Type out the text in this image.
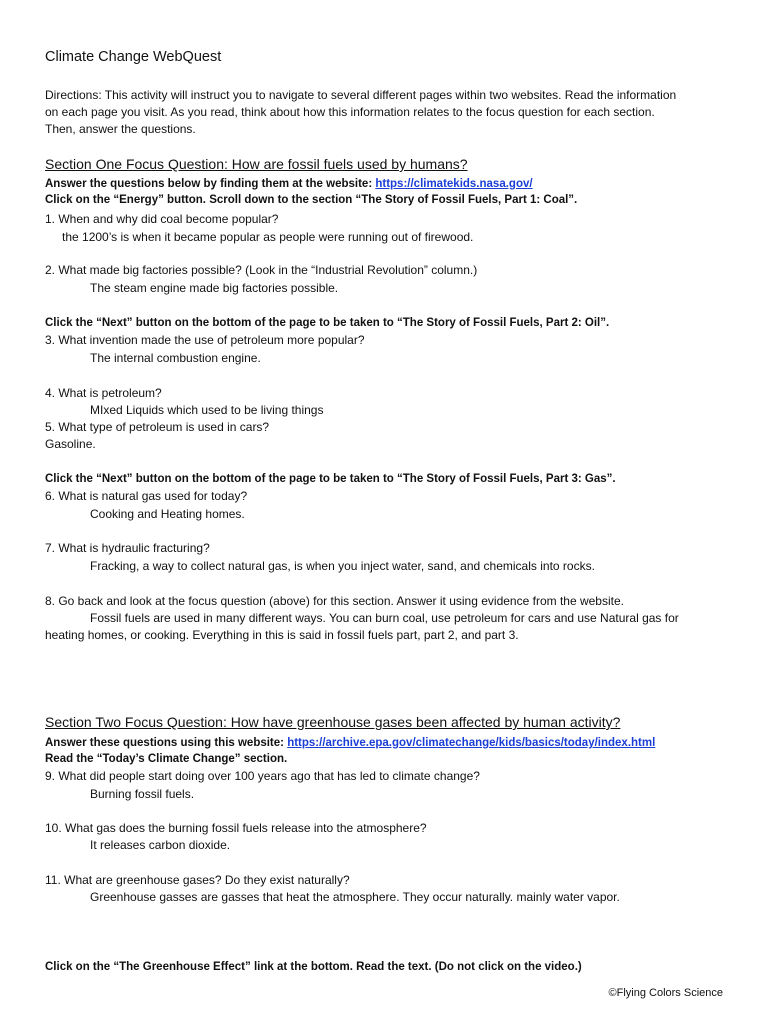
Climate Change WebQuest
Directions: This activity will instruct you to navigate to several different pages within two websites. Read the information
on each page you visit. As you read, think about how this information relates to the focus question for each section.
Then, answer the questions.
Section One Focus Question: How are fossil fuels used by humans?
Answer the questions below by finding them at the website: https://climatekids.nasa.gov/
Click on the “Energy” button. Scroll down to the section “The Story of Fossil Fuels, Part 1: Coal”.
1. When and why did coal become popular?
the 1200’s is when it became popular as people were running out of firewood.
2. What made big factories possible? (Look in the “Industrial Revolution” column.)
The steam engine made big factories possible.
Click the “Next” button on the bottom of the page to be taken to “The Story of Fossil Fuels, Part 2: Oil”.
3. What invention made the use of petroleum more popular?
The internal combustion engine.
4. What is petroleum?
MIxed Liquids which used to be living things
5. What type of petroleum is used in cars?
Gasoline.
Click the “Next” button on the bottom of the page to be taken to “The Story of Fossil Fuels, Part 3: Gas”.
6. What is natural gas used for today?
Cooking and Heating homes.
7. What is hydraulic fracturing?
Fracking, a way to collect natural gas, is when you inject water, sand, and chemicals into rocks.
8. Go back and look at the focus question (above) for this section. Answer it using evidence from the website.
Fossil fuels are used in many different ways. You can burn coal, use petroleum for cars and use Natural gas for
heating homes, or cooking. Everything in this is said in fossil fuels part, part 2, and part 3.
Section Two Focus Question: How have greenhouse gases been affected by human activity?
Answer these questions using this website: https://archive.epa.gov/climatechange/kids/basics/today/index.html
Read the “Today’s Climate Change” section.
9. What did people start doing over 100 years ago that has led to climate change?
Burning fossil fuels.
10. What gas does the burning fossil fuels release into the atmosphere?
It releases carbon dioxide.
11. What are greenhouse gases? Do they exist naturally?
Greenhouse gasses are gasses that heat the atmosphere. They occur naturally. mainly water vapor.
Click on the “The Greenhouse Effect” link at the bottom. Read the text. (Do not click on the video.)
©Flying Colors Science
